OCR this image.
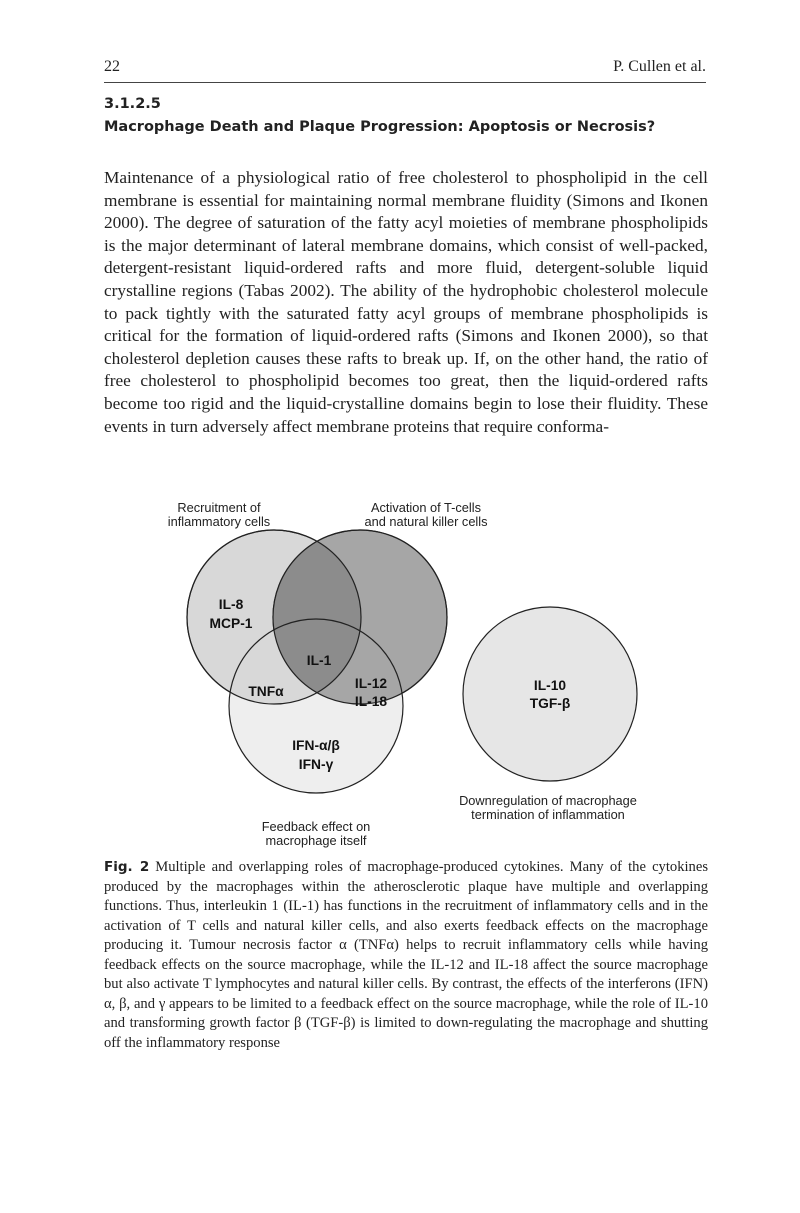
22	P. Cullen et al.
3.1.2.5
Macrophage Death and Plaque Progression: Apoptosis or Necrosis?

Maintenance of a physiological ratio of free cholesterol to phospholipid in the cell membrane is essential for maintaining normal membrane fluidity (Simons and Ikonen 2000). The degree of saturation of the fatty acyl moieties of membrane phospholipids is the major determinant of lateral membrane domains, which consist of well-packed, detergent-resistant liquid-ordered rafts and more fluid, detergent-soluble liquid crystalline regions (Tabas 2002). The ability of the hydrophobic cholesterol molecule to pack tightly with the saturated fatty acyl groups of membrane phospholipids is critical for the formation of liquid-ordered rafts (Simons and Ikonen 2000), so that cholesterol depletion causes these rafts to break up. If, on the other hand, the ratio of free cholesterol to phospholipid becomes too great, then the liquid-ordered rafts become too rigid and the liquid-crystalline domains begin to lose their fluidity. These events in turn adversely affect membrane proteins that require conforma-

Recruitment of
inflammatory cells
Activation of T-cells
and natural killer cells
Downregulation of macrophage
termination of inflammation
Feedback effect on
macrophage itself
IL-8
MCP-1
IL-1
TNFα
IL-12
IL-18
IFN-α/β
IFN-γ
IL-10
TGF-β

Fig. 2 Multiple and overlapping roles of macrophage-produced cytokines. Many of the cytokines produced by the macrophages within the atherosclerotic plaque have multiple and overlapping functions. Thus, interleukin 1 (IL-1) has functions in the recruitment of inflammatory cells and in the activation of T cells and natural killer cells, and also exerts feedback effects on the macrophage producing it. Tumour necrosis factor α (TNFα) helps to recruit inflammatory cells while having feedback effects on the source macrophage, while the IL-12 and IL-18 affect the source macrophage but also activate T lymphocytes and natural killer cells. By contrast, the effects of the interferons (IFN) α, β, and γ appears to be limited to a feedback effect on the source macrophage, while the role of IL-10 and transforming growth factor β (TGF-β) is limited to down-regulating the macrophage and shutting off the inflammatory response
